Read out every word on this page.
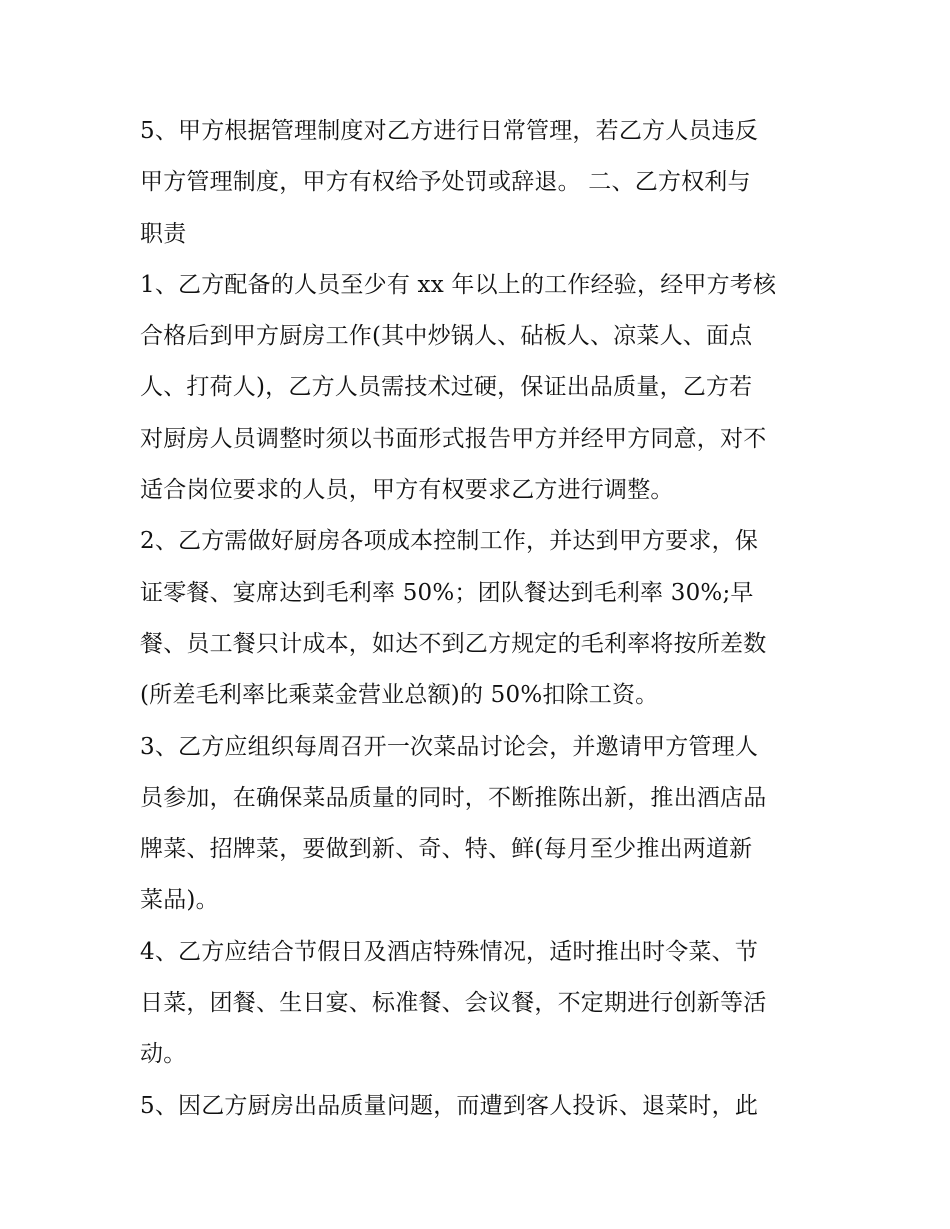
5、甲方根据管理制度对乙方进行日常管理，若乙方人员违反
甲方管理制度，甲方有权给予处罚或辞退。 二、乙方权利与
职责
1、乙方配备的人员至少有 xx 年以上的工作经验，经甲方考核
合格后到甲方厨房工作(其中炒锅人、砧板人、凉菜人、面点
人、打荷人)，乙方人员需技术过硬，保证出品质量，乙方若
对厨房人员调整时须以书面形式报告甲方并经甲方同意，对不
适合岗位要求的人员，甲方有权要求乙方进行调整。
2、乙方需做好厨房各项成本控制工作，并达到甲方要求，保
证零餐、宴席达到毛利率 50%；团队餐达到毛利率 30%;早
餐、员工餐只计成本，如达不到乙方规定的毛利率将按所差数
(所差毛利率比乘菜金营业总额)的 50%扣除工资。
3、乙方应组织每周召开一次菜品讨论会，并邀请甲方管理人
员参加，在确保菜品质量的同时，不断推陈出新，推出酒店品
牌菜、招牌菜，要做到新、奇、特、鲜(每月至少推出两道新
菜品)。
4、乙方应结合节假日及酒店特殊情况，适时推出时令菜、节
日菜，团餐、生日宴、标准餐、会议餐，不定期进行创新等活
动。
5、因乙方厨房出品质量问题，而遭到客人投诉、退菜时，此
